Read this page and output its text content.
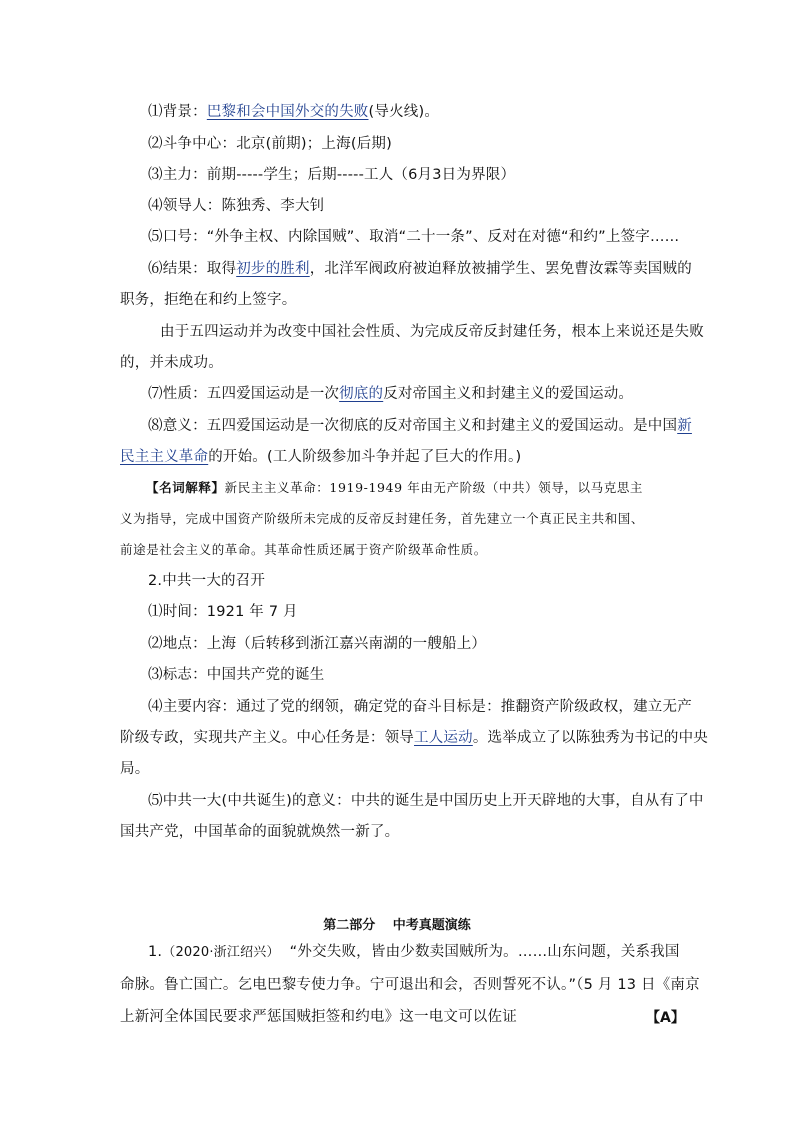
⑴背景：巴黎和会中国外交的失败(导火线)。
⑵斗争中心：北京(前期)；上海(后期)
⑶主力：前期-----学生；后期-----工人（6月3日为界限）
⑷领导人：陈独秀、李大钊
⑸口号：“外争主权、内除国贼”、取消“二十一条”、反对在对德“和约”上签字……
⑹结果：取得初步的胜利，北洋军阀政府被迫释放被捕学生、罢免曹汝霖等卖国贼的
职务，拒绝在和约上签字。
由于五四运动并为改变中国社会性质、为完成反帝反封建任务，根本上来说还是失败
的，并未成功。
⑺性质：五四爱国运动是一次彻底的反对帝国主义和封建主义的爱国运动。
⑻意义：五四爱国运动是一次彻底的反对帝国主义和封建主义的爱国运动。是中国新
民主主义革命的开始。(工人阶级参加斗争并起了巨大的作用。)
【名词解释】新民主主义革命：1919-1949 年由无产阶级（中共）领导，以马克思主
义为指导，完成中国资产阶级所未完成的反帝反封建任务，首先建立一个真正民主共和国、
前途是社会主义的革命。其革命性质还属于资产阶级革命性质。
2.中共一大的召开
⑴时间：1921 年 7 月
⑵地点：上海（后转移到浙江嘉兴南湖的一艘船上）
⑶标志：中国共产党的诞生
⑷主要内容：通过了党的纲领，确定党的奋斗目标是：推翻资产阶级政权，建立无产
阶级专政，实现共产主义。中心任务是：领导工人运动。选举成立了以陈独秀为书记的中央
局。
⑸中共一大(中共诞生)的意义：中共的诞生是中国历史上开天辟地的大事，自从有了中
国共产党，中国革命的面貌就焕然一新了。
第二部分　 中考真题演练
1.（2020·浙江绍兴） “外交失败，皆由少数卖国贼所为。……山东问题，关系我国
命脉。鲁亡国亡。乞电巴黎专使力争。宁可退出和会，否则誓死不认。”（5 月 13 日《南京
上新河全体国民要求严惩国贼拒签和约电》这一电文可以佐证	【A】
